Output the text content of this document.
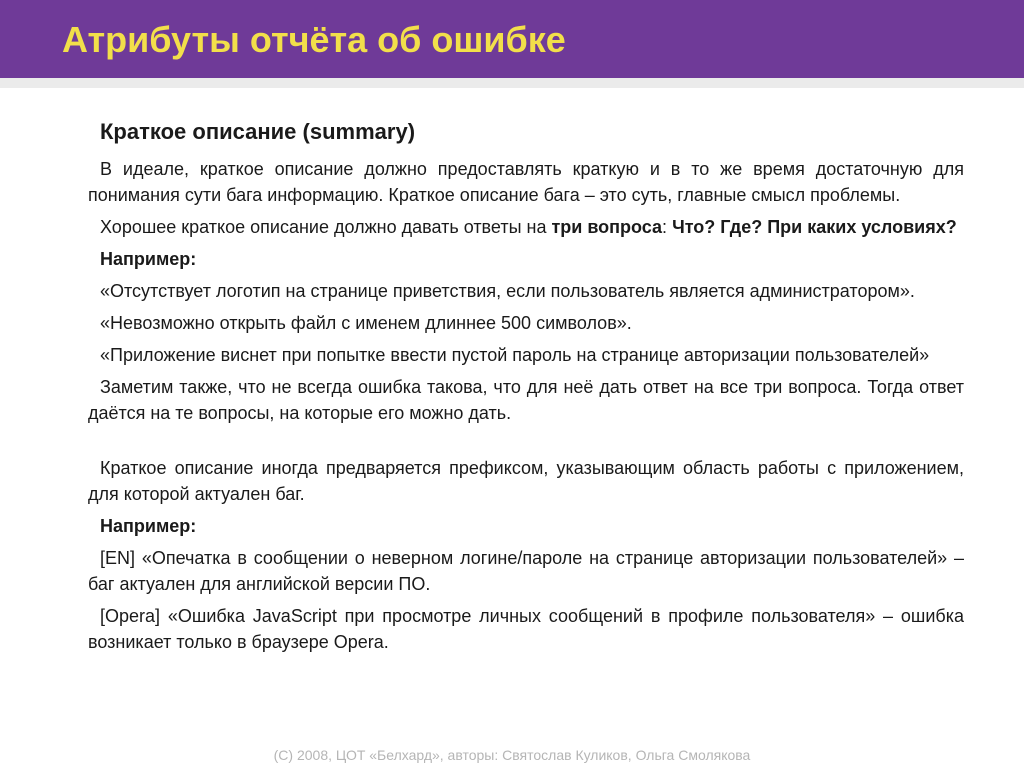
Атрибуты отчёта об ошибке
Краткое описание (summary)

В идеале, краткое описание должно предоставлять краткую и в то же время достаточную для понимания сути бага информацию. Краткое описание бага – это суть, главные смысл проблемы.

Хорошее краткое описание должно давать ответы на три вопроса: Что? Где? При каких условиях?

Например:

«Отсутствует логотип на странице приветствия, если пользователь является администратором».

«Невозможно открыть файл с именем длиннее 500 символов».

«Приложение виснет при попытке ввести пустой пароль на странице авторизации пользователей»

Заметим также, что не всегда ошибка такова, что для неё дать ответ на все три вопроса. Тогда ответ даётся на те вопросы, на которые его можно дать.

Краткое описание иногда предваряется префиксом, указывающим область работы с приложением, для которой актуален баг.

Например:

[EN] «Опечатка в сообщении о неверном логине/пароле на странице авторизации пользователей» – баг актуален для английской версии ПО.

[Opera] «Ошибка JavaScript при просмотре личных сообщений в профиле пользователя» – ошибка возникает только в браузере Opera.

(C) 2008, ЦОТ «Белхард», авторы: Святослав Куликов, Ольга Смолякова
